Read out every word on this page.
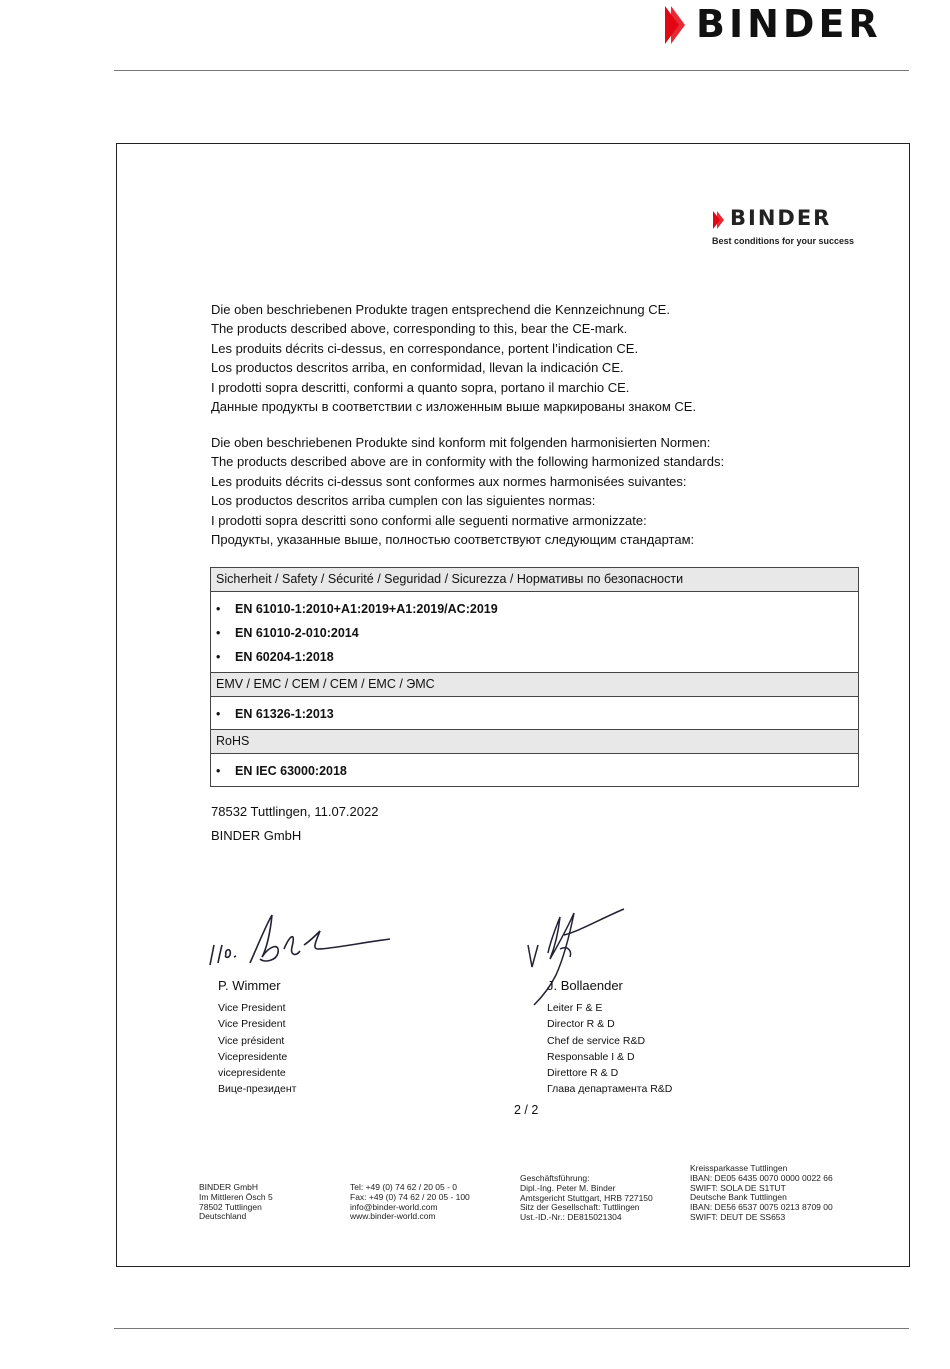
BINDER
BINDER
Best conditions for your success
Die oben beschriebenen Produkte tragen entsprechend die Kennzeichnung CE.
The products described above, corresponding to this, bear the CE-mark.
Les produits décrits ci-dessus, en correspondance, portent l’indication CE.
Los productos descritos arriba, en conformidad, llevan la indicación CE.
I prodotti sopra descritti, conformi a quanto sopra, portano il marchio CE.
Данные продукты в соответствии с изложенным выше маркированы знаком CE.
Die oben beschriebenen Produkte sind konform mit folgenden harmonisierten Normen:
The products described above are in conformity with the following harmonized standards:
Les produits décrits ci-dessus sont conformes aux normes harmonisées suivantes:
Los productos descritos arriba cumplen con las siguientes normas:
I prodotti sopra descritti sono conformi alle seguenti normative armonizzate:
Продукты, указанные выше, полностью соответствуют следующим стандартам:
Sicherheit / Safety / Sécurité / Seguridad / Sicurezza / Нормативы по безопасности
• EN 61010-1:2010+A1:2019+A1:2019/AC:2019
• EN 61010-2-010:2014
• EN 60204-1:2018
EMV / EMC / CEM / CEM / EMC / ЭМС
• EN 61326-1:2013
RoHS
• EN IEC 63000:2018
78532 Tuttlingen, 11.07.2022
BINDER GmbH
P. Wimmer
Vice President
Vice President
Vice président
Vicepresidente
vicepresidente
Вице-президент
J. Bollaender
Leiter F & E
Director R & D
Chef de service R&D
Responsable I & D
Direttore R & D
Глава департамента R&D
2 / 2
BINDER GmbH
Im Mittleren Ösch 5
78502 Tuttlingen
Deutschland
Tel: +49 (0) 74 62 / 20 05 - 0
Fax: +49 (0) 74 62 / 20 05 - 100
info@binder-world.com
www.binder-world.com
Geschäftsführung:
Dipl.-Ing. Peter M. Binder
Amtsgericht Stuttgart, HRB 727150
Sitz der Gesellschaft: Tuttlingen
Ust.-ID.-Nr.: DE815021304
Kreissparkasse Tuttlingen
IBAN: DE05 6435 0070 0000 0022 66
SWIFT: SOLA DE S1TUT
Deutsche Bank Tuttlingen
IBAN: DE56 6537 0075 0213 8709 00
SWIFT: DEUT DE SS653
